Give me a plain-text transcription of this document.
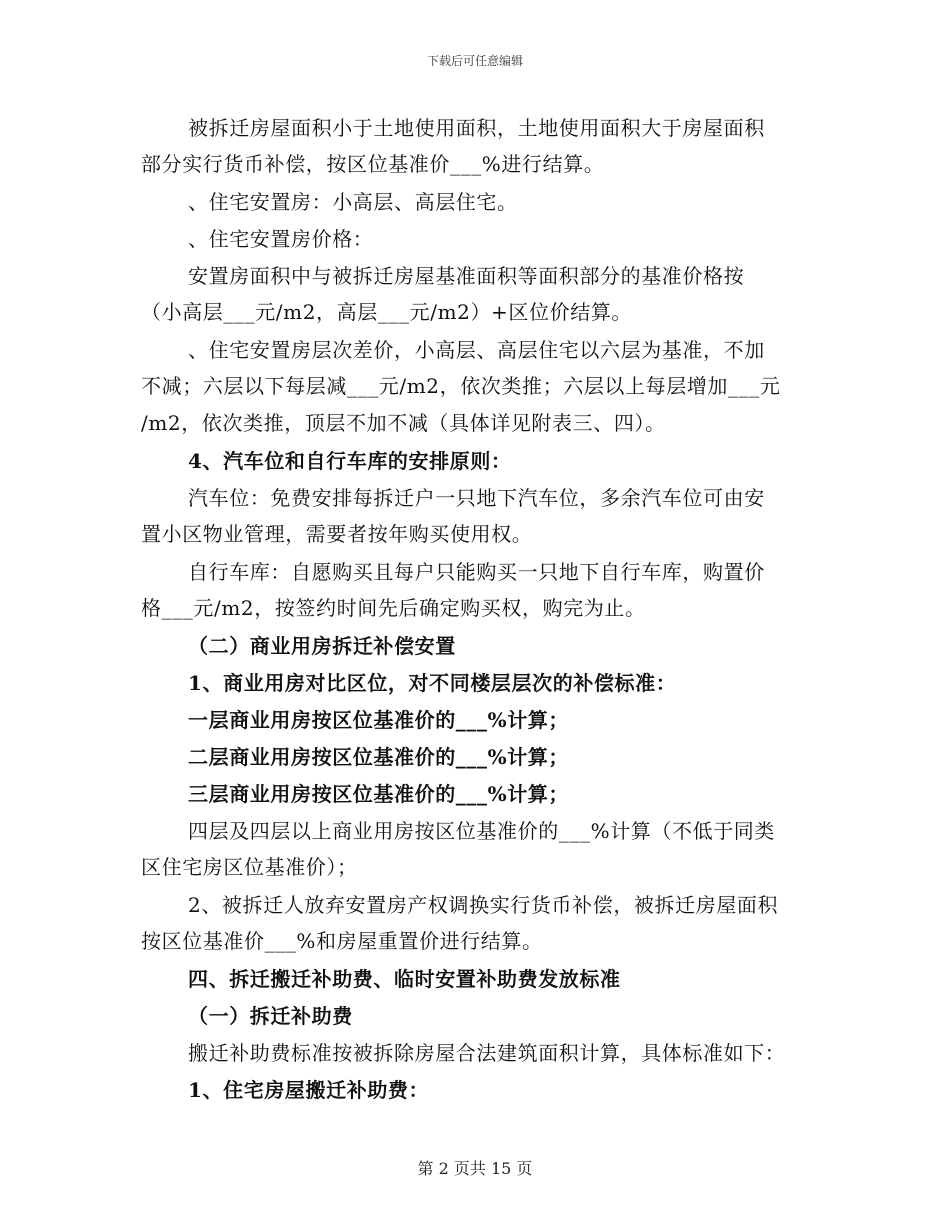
下载后可任意编辑
被拆迁房屋面积小于土地使用面积，土地使用面积大于房屋面积
部分实行货币补偿，按区位基准价___%进行结算。
、住宅安置房：小高层、高层住宅。
、住宅安置房价格：
安置房面积中与被拆迁房屋基准面积等面积部分的基准价格按
（小高层___元/m2，高层___元/m2）+区位价结算。
、住宅安置房层次差价，小高层、高层住宅以六层为基准，不加
不减；六层以下每层减___元/m2，依次类推；六层以上每层增加___元
/m2，依次类推，顶层不加不减（具体详见附表三、四）。
4、汽车位和自行车库的安排原则：
汽车位：免费安排每拆迁户一只地下汽车位，多余汽车位可由安
置小区物业管理，需要者按年购买使用权。
自行车库：自愿购买且每户只能购买一只地下自行车库，购置价
格___元/m2，按签约时间先后确定购买权，购完为止。
（二）商业用房拆迁补偿安置
1、商业用房对比区位，对不同楼层层次的补偿标准：
一层商业用房按区位基准价的___%计算；
二层商业用房按区位基准价的___%计算；
三层商业用房按区位基准价的___%计算；
四层及四层以上商业用房按区位基准价的___%计算（不低于同类
区住宅房区位基准价）；
2、被拆迁人放弃安置房产权调换实行货币补偿，被拆迁房屋面积
按区位基准价___%和房屋重置价进行结算。
四、拆迁搬迁补助费、临时安置补助费发放标准
（一）拆迁补助费
搬迁补助费标准按被拆除房屋合法建筑面积计算，具体标准如下：
1、住宅房屋搬迁补助费：
第 2 页共 15 页
